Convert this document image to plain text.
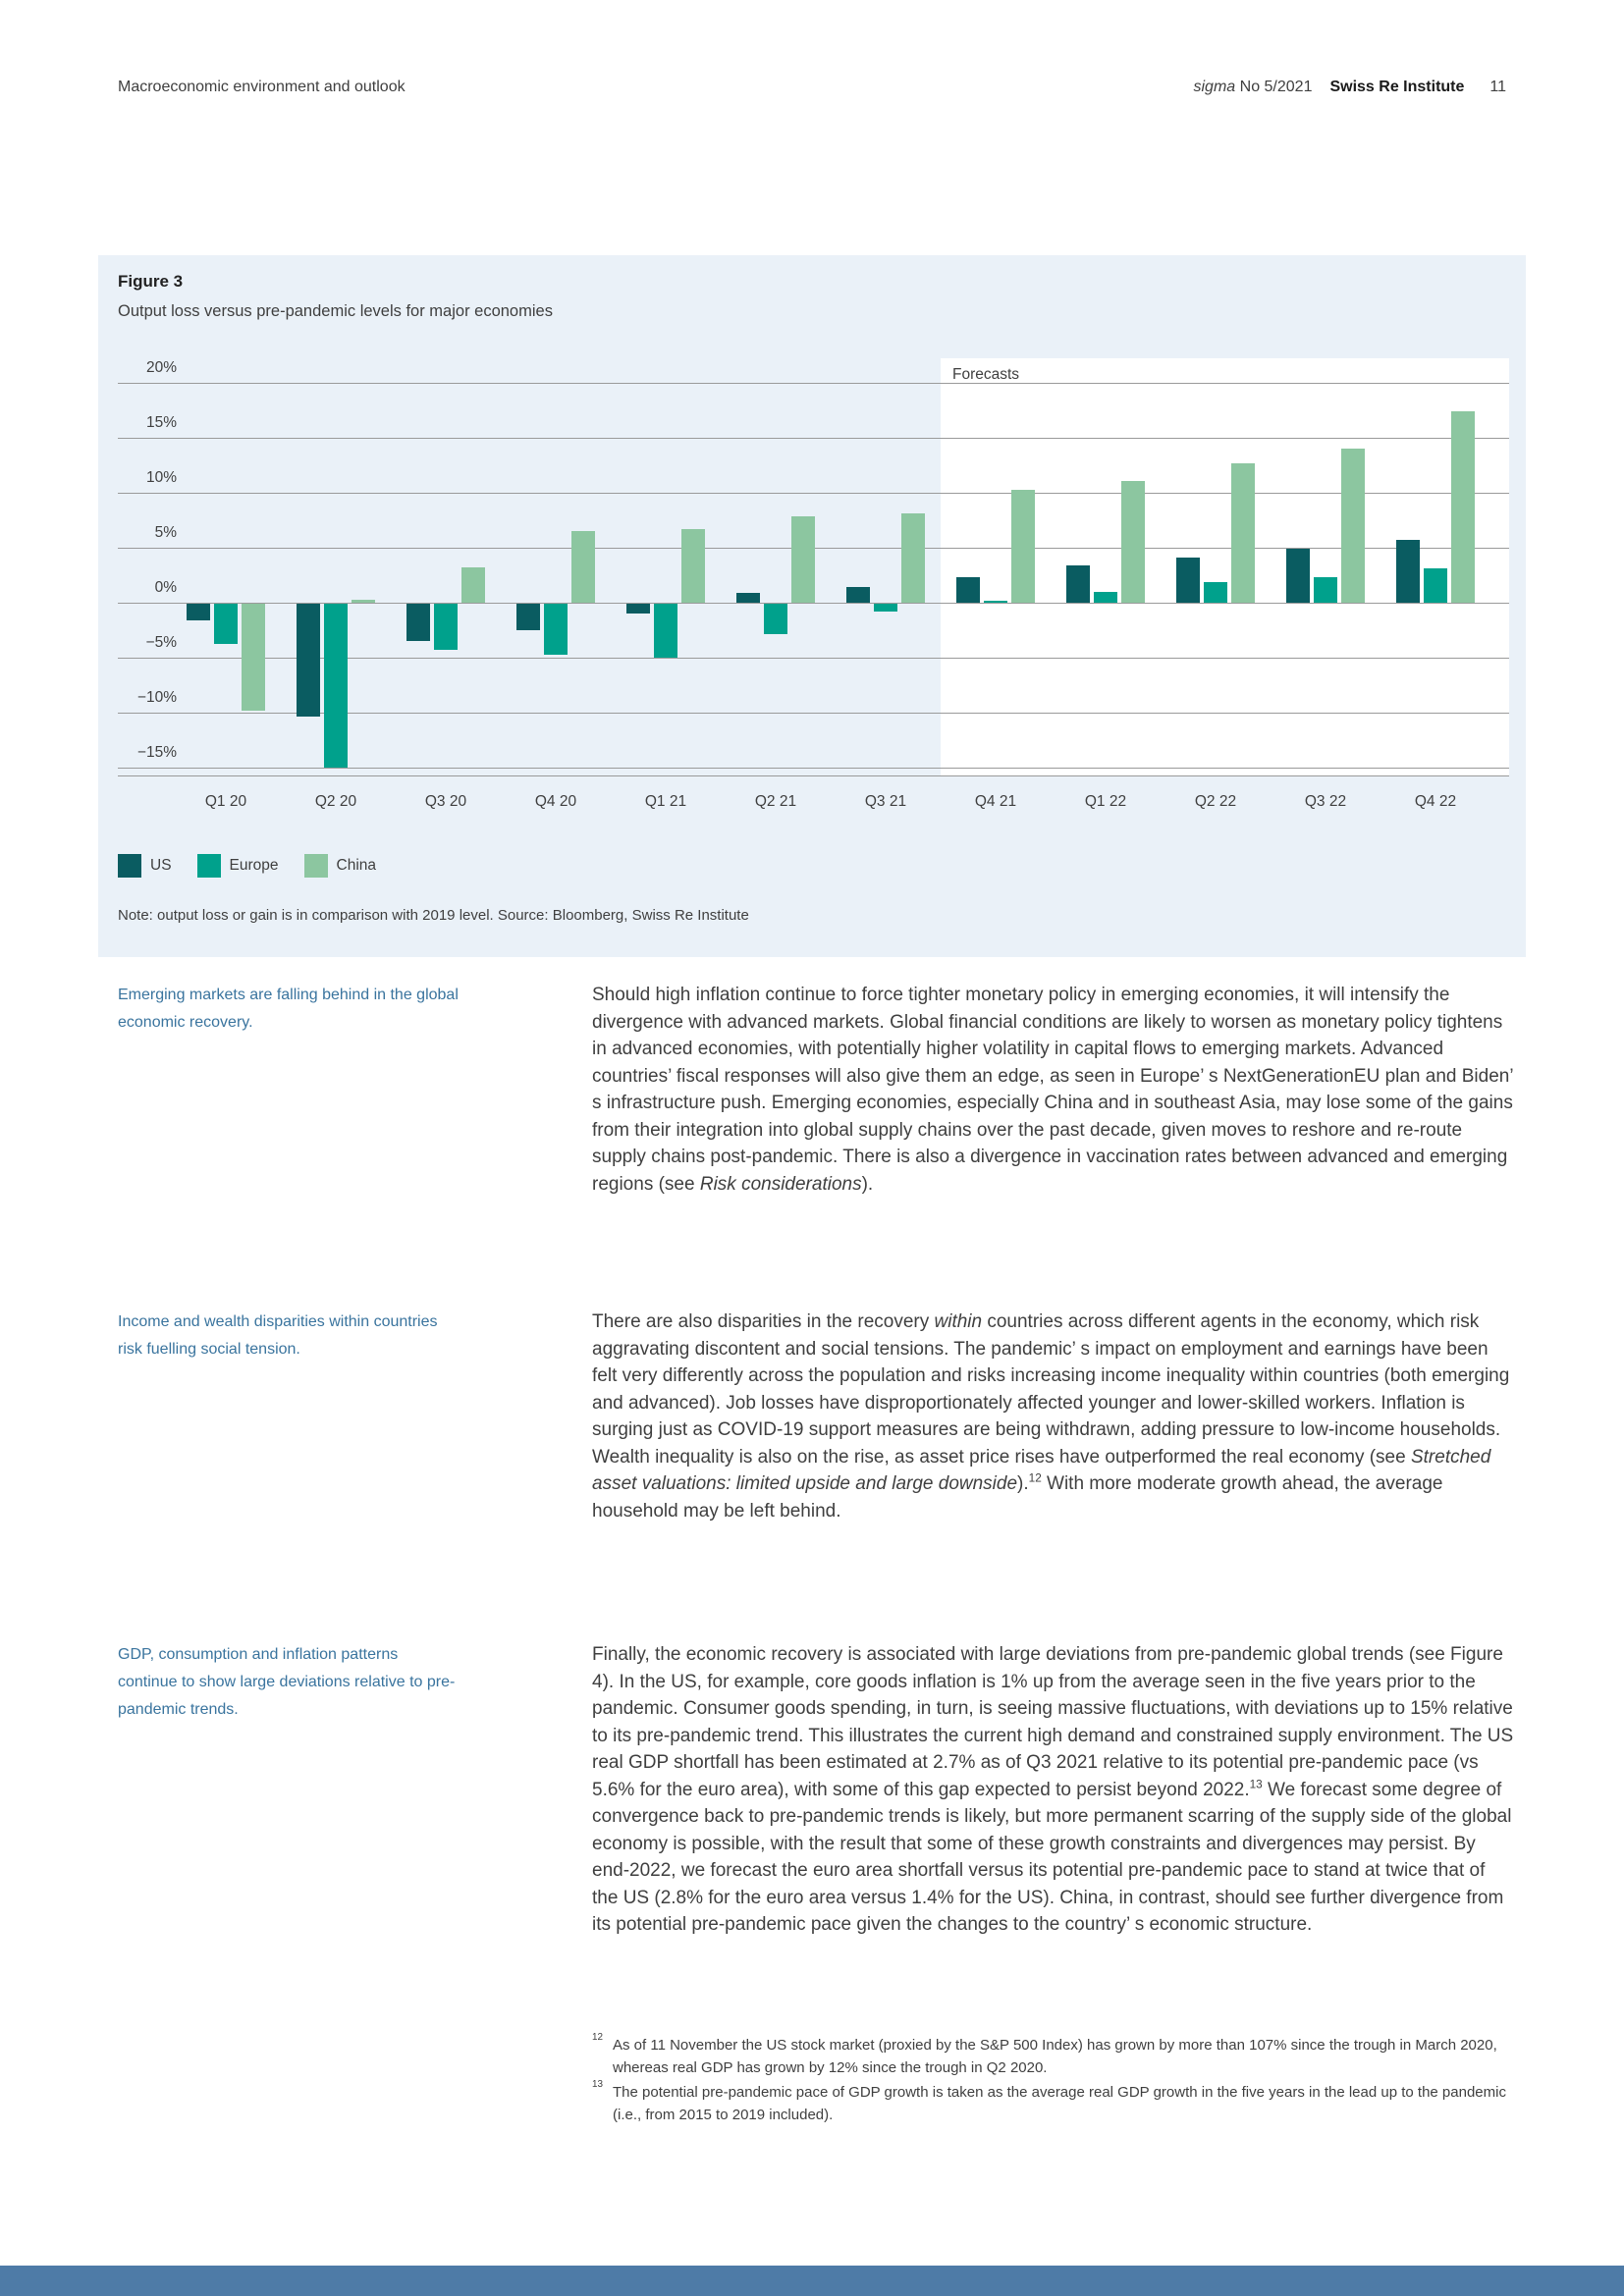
Macroeconomic environment and outlook	sigma No 5/2021 Swiss Re Institute 11
Figure 3
Output loss versus pre-pandemic levels for major economies
Forecasts
20%
15%
10%
5%
0%
−5%
−10%
−15%
Q1 20	Q2 20	Q3 20	Q4 20	Q1 21	Q2 21	Q3 21	Q4 21	Q1 22	Q2 22	Q3 22	Q4 22
US	Europe	China
Note: output loss or gain is in comparison with 2019 level. Source: Bloomberg, Swiss Re Institute
Emerging markets are falling behind in the global economic recovery.
Should high inflation continue to force tighter monetary policy in emerging economies, it will intensify the divergence with advanced markets. Global financial conditions are likely to worsen as monetary policy tightens in advanced economies, with potentially higher volatility in capital flows to emerging markets. Advanced countries’ fiscal responses will also give them an edge, as seen in Europe’ s NextGenerationEU plan and Biden’ s infrastructure push. Emerging economies, especially China and in southeast Asia, may lose some of the gains from their integration into global supply chains over the past decade, given moves to reshore and re-route supply chains post-pandemic. There is also a divergence in vaccination rates between advanced and emerging regions (see Risk considerations).
Income and wealth disparities within countries risk fuelling social tension.
There are also disparities in the recovery within countries across different agents in the economy, which risk aggravating discontent and social tensions. The pandemic’ s impact on employment and earnings have been felt very differently across the population and risks increasing income inequality within countries (both emerging and advanced). Job losses have disproportionately affected younger and lower-skilled workers. Inflation is surging just as COVID-19 support measures are being withdrawn, adding pressure to low-income households. Wealth inequality is also on the rise, as asset price rises have outperformed the real economy (see Stretched asset valuations: limited upside and large downside).$^{12}$ With more moderate growth ahead, the average household may be left behind.
GDP, consumption and inflation patterns continue to show large deviations relative to pre-pandemic trends.
Finally, the economic recovery is associated with large deviations from pre-pandemic global trends (see Figure 4). In the US, for example, core goods inflation is 1% up from the average seen in the five years prior to the pandemic. Consumer goods spending, in turn, is seeing massive fluctuations, with deviations up to 15% relative to its pre-pandemic trend. This illustrates the current high demand and constrained supply environment. The US real GDP shortfall has been estimated at 2.7% as of Q3 2021 relative to its potential pre-pandemic pace (vs 5.6% for the euro area), with some of this gap expected to persist beyond 2022.13 We forecast some degree of convergence back to pre-pandemic trends is likely, but more permanent scarring of the supply side of the global economy is possible, with the result that some of these growth constraints and divergences may persist. By end-2022, we forecast the euro area shortfall versus its potential pre-pandemic pace to stand at twice that of the US (2.8% for the euro area versus 1.4% for the US). China, in contrast, should see further divergence from its potential pre-pandemic pace given the changes to the country’ s economic structure.
12 As of 11 November the US stock market (proxied by the S&P 500 Index) has grown by more than 107% since the trough in March 2020, whereas real GDP has grown by 12% since the trough in Q2 2020.
13 The potential pre-pandemic pace of GDP growth is taken as the average real GDP growth in the five years in the lead up to the pandemic (i.e., from 2015 to 2019 included).
